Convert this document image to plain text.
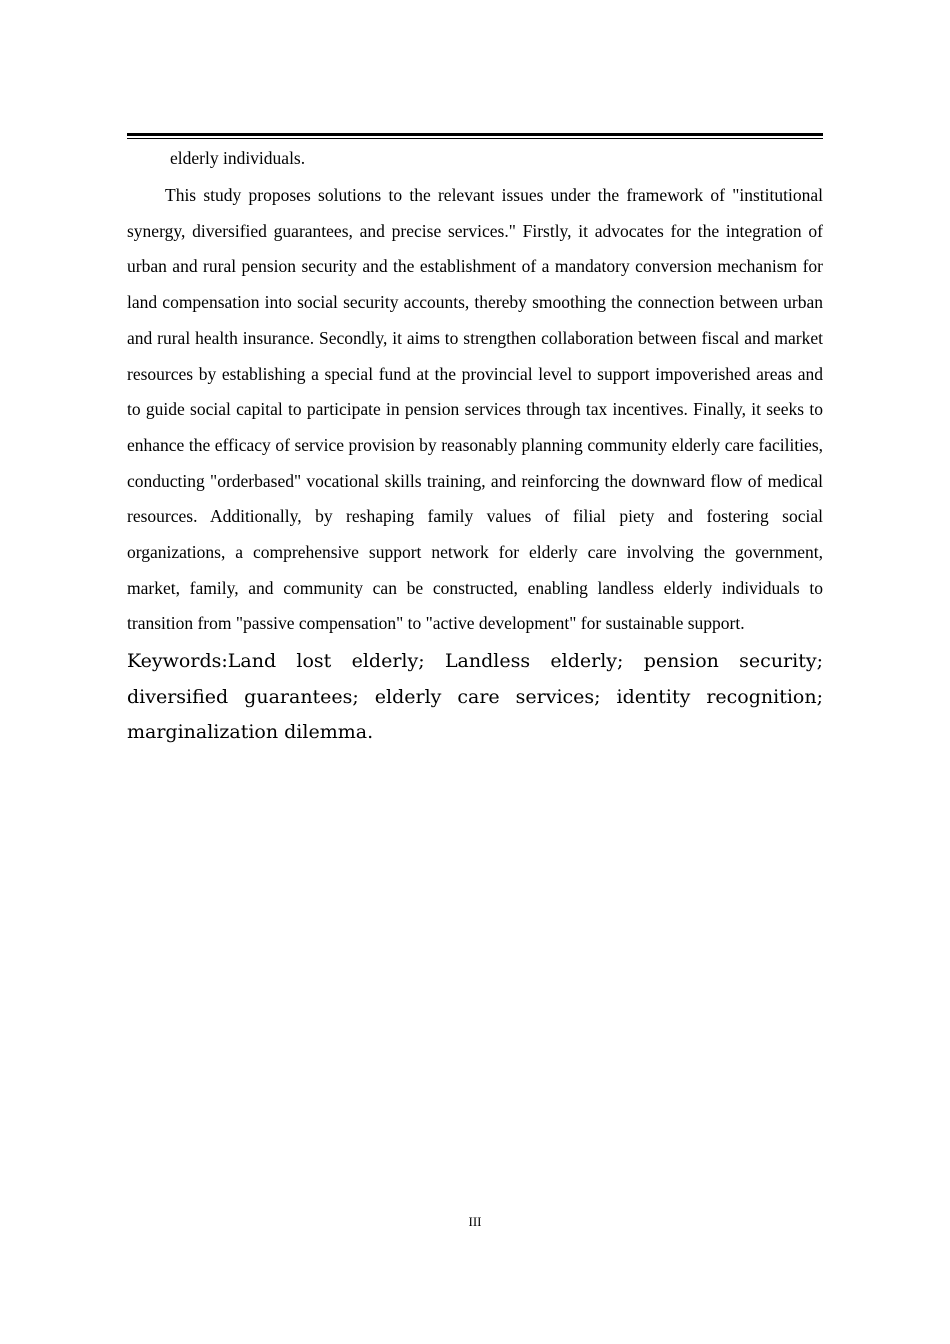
elderly individuals.

This study proposes solutions to the relevant issues under the framework of "institutional synergy, diversified guarantees, and precise services." Firstly, it advocates for the integration of urban and rural pension security and the establishment of a mandatory conversion mechanism for land compensation into social security accounts, thereby smoothing the connection between urban and rural health insurance. Secondly, it aims to strengthen collaboration between fiscal and market resources by establishing a special fund at the provincial level to support impoverished areas and to guide social capital to participate in pension services through tax incentives. Finally, it seeks to enhance the efficacy of service provision by reasonably planning community elderly care facilities, conducting "orderbased" vocational skills training, and reinforcing the downward flow of medical resources. Additionally, by reshaping family values of filial piety and fostering social organizations, a comprehensive support network for elderly care involving the government, market, family, and community can be constructed, enabling landless elderly individuals to transition from "passive compensation" to "active development" for sustainable support.

Keywords:Land lost elderly; Landless elderly; pension security; diversified guarantees; elderly care services; identity recognition; marginalization dilemma.

III
